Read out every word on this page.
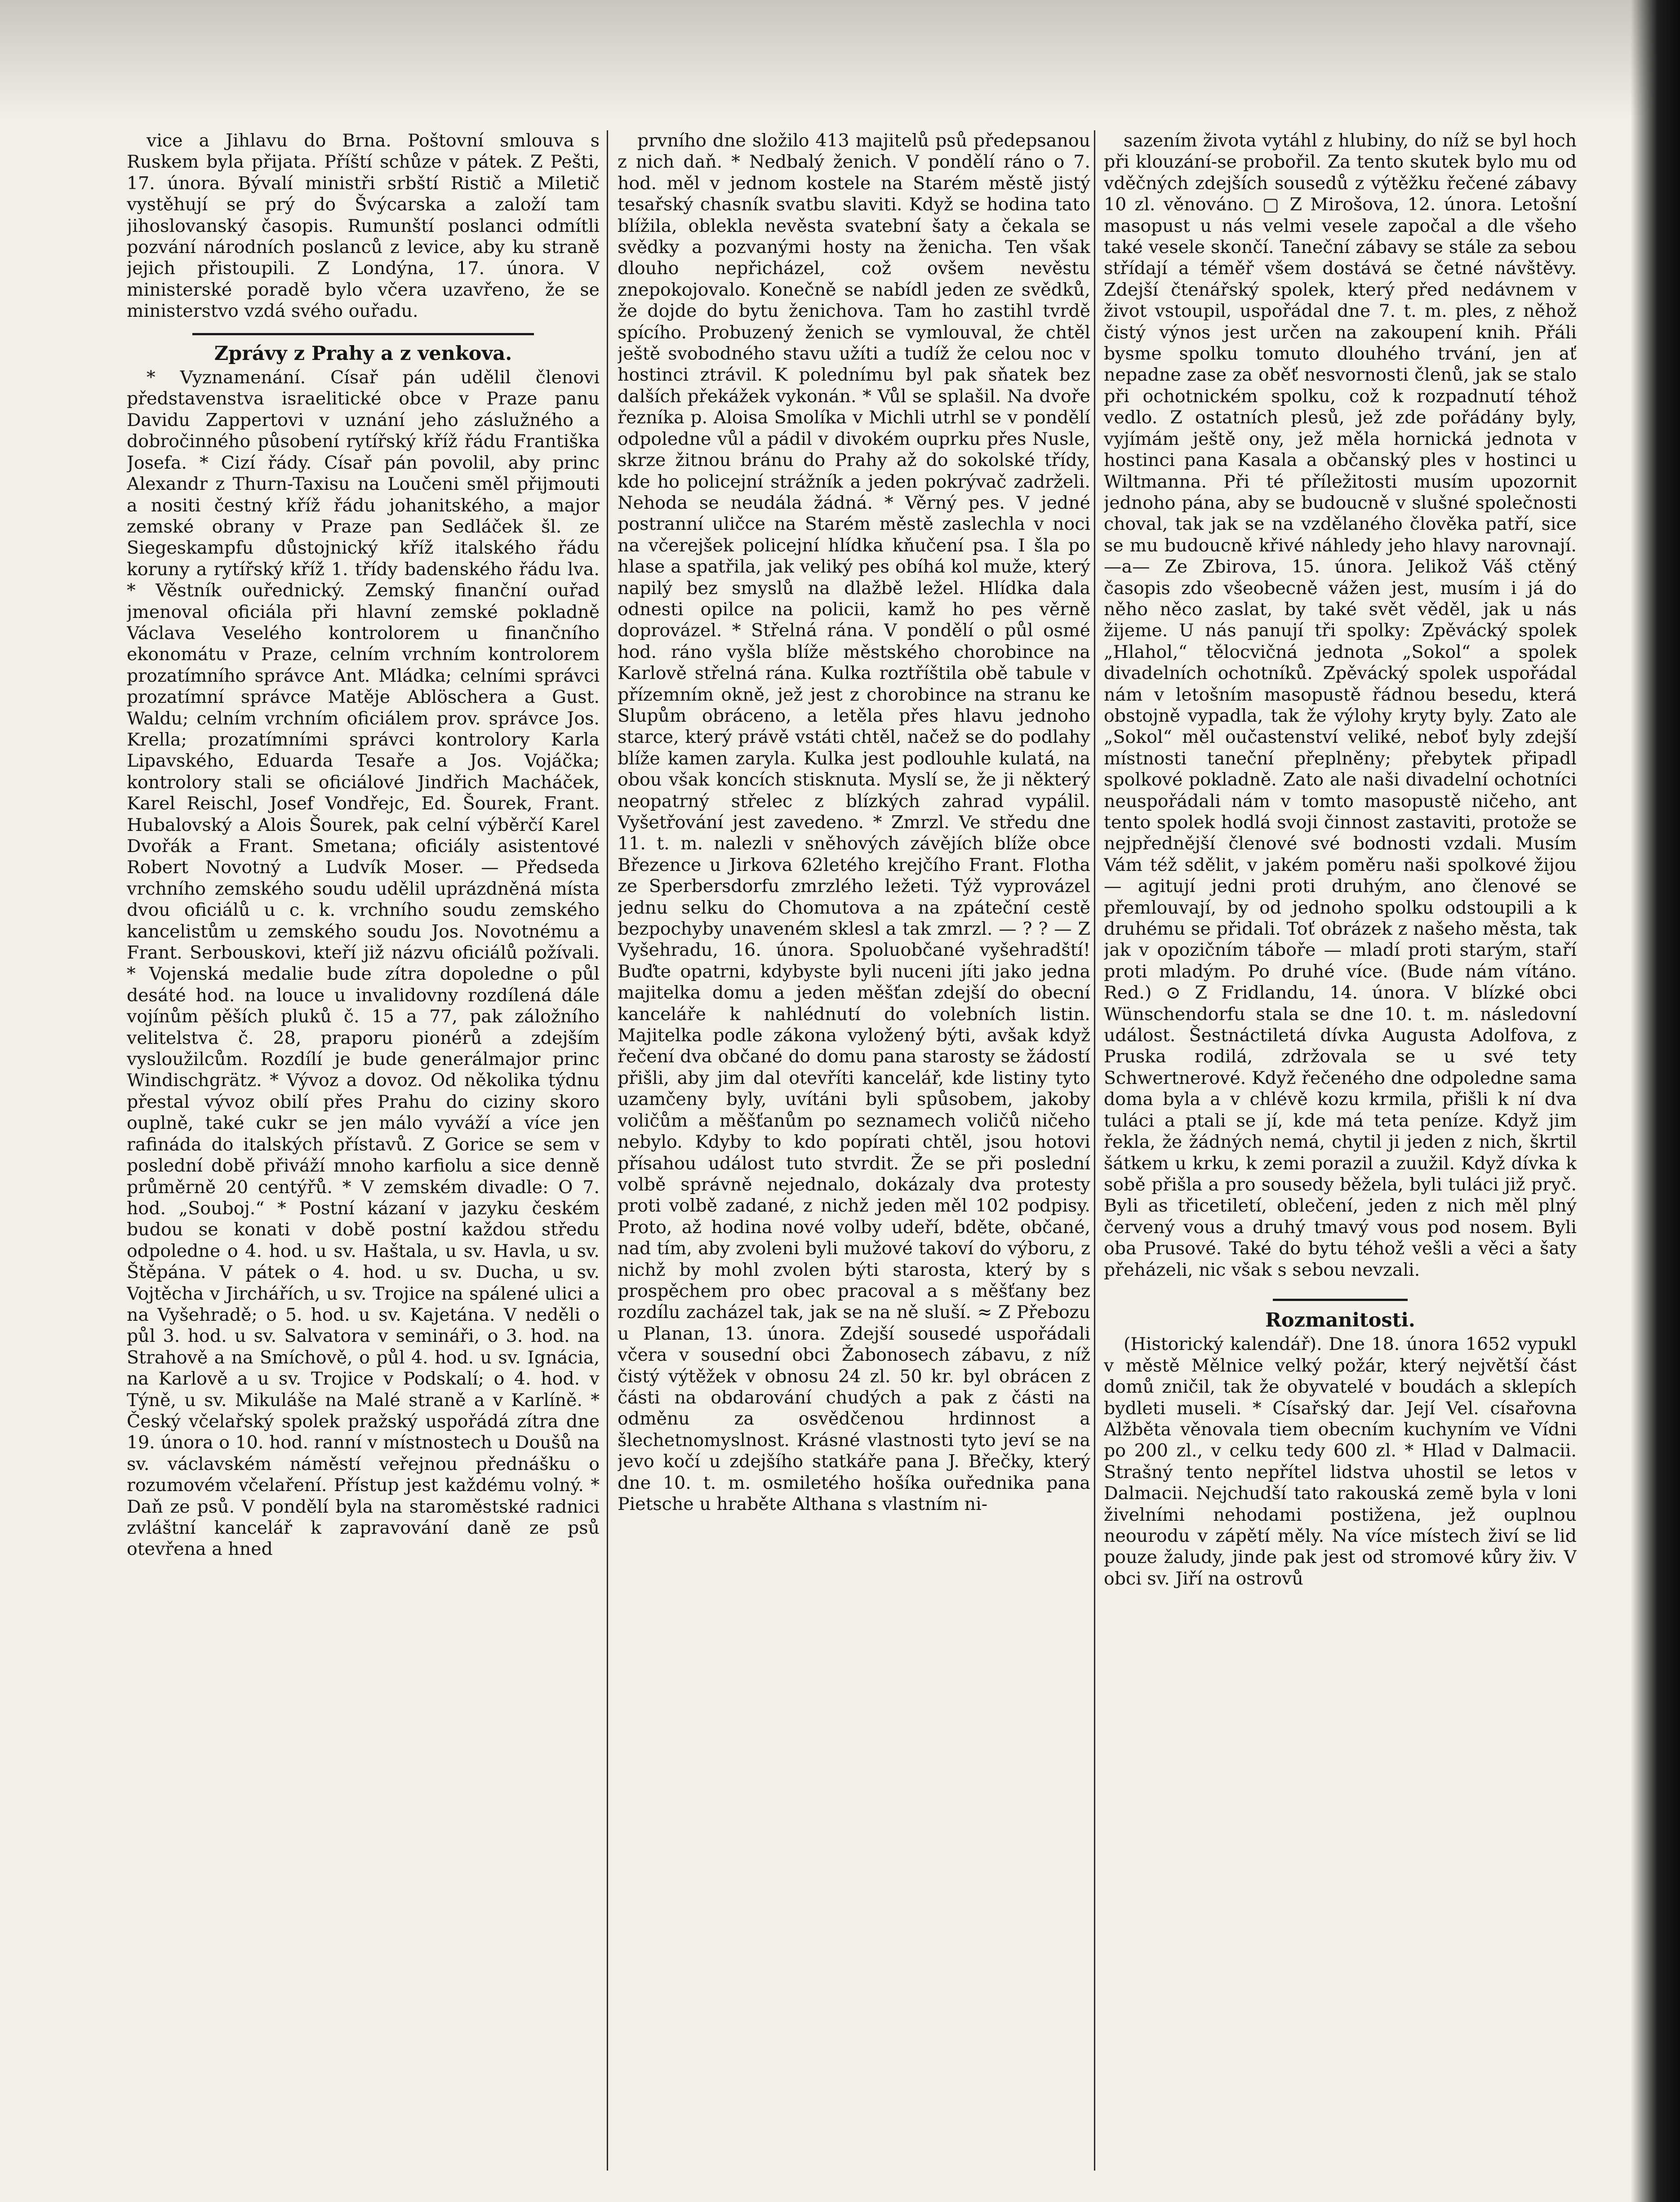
vice a Jihlavu do Brna. Poštovní smlouva s Ruskem byla přijata. Příští schůze v pátek. Z Pešti, 17. února. Bývalí ministři srbští Ristič a Miletič vystěhují se prý do Švýcarska a založí tam jihoslovanský časopis. Rumunští poslanci odmítli pozvání národních poslanců z levice, aby ku straně jejich přistoupili. Z Londýna, 17. února. V ministerské poradě bylo včera uzavřeno, že se ministerstvo vzdá svého ouřadu.

Zprávy z Prahy a z venkova.

* Vyznamenání. Císař pán udělil členovi představenstva israelitické obce v Praze panu Davidu Zappertovi v uznání jeho záslužného a dobročinného působení rytířský kříž řádu Františka Josefa. * Cizí řády. Císař pán povolil, aby princ Alexandr z Thurn-Taxisu na Loučeni směl přijmouti a nositi čestný kříž řádu johanitského, a major zemské obrany v Praze pan Sedláček šl. ze Siegeskampfu důstojnický kříž italského řádu koruny a rytířský kříž 1. třídy badenského řádu lva. * Věstník ouřednický. Zemský finanční ouřad jmenoval oficiála při hlavní zemské pokladně Václava Veselého kontrolorem u finančního ekonomátu v Praze, celním vrchním kontrolorem prozatímního správce Ant. Mládka; celními správci prozatímní správce Matěje Ablöschera a Gust. Waldu; celním vrchním oficiálem prov. správce Jos. Krella; prozatímními správci kontrolory Karla Lipavského, Eduarda Tesaře a Jos. Vojáčka; kontrolory stali se oficiálové Jindřich Macháček, Karel Reischl, Josef Vondřejc, Ed. Šourek, Frant. Hubalovský a Alois Šourek, pak celní výběrčí Karel Dvořák a Frant. Smetana; oficiály asistentové Robert Novotný a Ludvík Moser. — Předseda vrchního zemského soudu udělil uprázdněná místa dvou oficiálů u c. k. vrchního soudu zemského kancelistům u zemského soudu Jos. Novotnému a Frant. Serbouskovi, kteří již názvu oficiálů požívali. * Vojenská medalie bude zítra dopoledne o půl desáté hod. na louce u invalidovny rozdílená dále vojínům pěších pluků č. 15 a 77, pak záložního velitelstva č. 28, praporu pionérů a zdejším vysloužilcům. Rozdílí je bude generálmajor princ Windischgrätz. * Vývoz a dovoz. Od několika týdnu přestal vývoz obilí přes Prahu do ciziny skoro ouplně, také cukr se jen málo vyváží a více jen rafináda do italských přístavů. Z Gorice se sem v poslední době přiváží mnoho karfiolu a sice denně průměrně 20 centýřů. * V zemském divadle: O 7. hod. „Souboj.“ * Postní kázaní v jazyku českém budou se konati v době postní každou středu odpoledne o 4. hod. u sv. Haštala, u sv. Havla, u sv. Štěpána. V pátek o 4. hod. u sv. Ducha, u sv. Vojtěcha v Jirchářích, u sv. Trojice na spálené ulici a na Vyšehradě; o 5. hod. u sv. Kajetána. V neděli o půl 3. hod. u sv. Salvatora v semináři, o 3. hod. na Strahově a na Smíchově, o půl 4. hod. u sv. Ignácia, na Karlově a u sv. Trojice v Podskalí; o 4. hod. v Týně, u sv. Mikuláše na Malé straně a v Karlíně. * Český včelařský spolek pražský uspořádá zítra dne 19. února o 10. hod. ranní v místnostech u Doušů na sv. václavském náměstí veřejnou přednášku o rozumovém včelaření. Přístup jest každému volný. * Daň ze psů. V pondělí byla na staroměstské radnici zvláštní kancelář k zapravování daně ze psů otevřena a hned

prvního dne složilo 413 majitelů psů předepsanou z nich daň. * Nedbalý ženich. V pondělí ráno o 7. hod. měl v jednom kostele na Starém městě jistý tesařský chasník svatbu slaviti. Když se hodina tato blížila, oblekla nevěsta svatební šaty a čekala se svědky a pozvanými hosty na ženicha. Ten však dlouho nepřicházel, což ovšem nevěstu znepokojovalo. Konečně se nabídl jeden ze svědků, že dojde do bytu ženichova. Tam ho zastihl tvrdě spícího. Probuzený ženich se vymlouval, že chtěl ještě svobodného stavu užíti a tudíž že celou noc v hostinci ztrávil. K polednímu byl pak sňatek bez dalších překážek vykonán. * Vůl se splašil. Na dvoře řezníka p. Aloisa Smolíka v Michli utrhl se v pondělí odpoledne vůl a pádil v divokém ouprku přes Nusle, skrze žitnou bránu do Prahy až do sokolské třídy, kde ho policejní strážník a jeden pokrývač zadrželi. Nehoda se neudála žádná. * Věrný pes. V jedné postranní uličce na Starém městě zaslechla v noci na včerejšek policejní hlídka kňučení psa. I šla po hlase a spatřila, jak veliký pes obíhá kol muže, který napilý bez smyslů na dlažbě ležel. Hlídka dala odnesti opilce na policii, kamž ho pes věrně doprovázel. * Střelná rána. V pondělí o půl osmé hod. ráno vyšla blíže městského chorobince na Karlově střelná rána. Kulka roztříštila obě tabule v přízemním okně, jež jest z chorobince na stranu ke Slupům obráceno, a letěla přes hlavu jednoho starce, který právě vstáti chtěl, načež se do podlahy blíže kamen zaryla. Kulka jest podlouhle kulatá, na obou však koncích stisknuta. Myslí se, že ji některý neopatrný střelec z blízkých zahrad vypálil. Vyšetřování jest zavedeno. * Zmrzl. Ve středu dne 11. t. m. nalezli v sněhových závějích blíže obce Březence u Jirkova 62letého krejčího Frant. Flotha ze Sperbersdorfu zmrzlého ležeti. Týž vyprovázel jednu selku do Chomutova a na zpáteční cestě bezpochyby unaveném sklesl a tak zmrzl. — ? ? — Z Vyšehradu, 16. února. Spoluobčané vyšehradští! Buďte opatrni, kdybyste byli nuceni jíti jako jedna majitelka domu a jeden měšťan zdejší do obecní kanceláře k nahlédnutí do volebních listin. Majitelka podle zákona vyložený býti, avšak když řečení dva občané do domu pana starosty se žádostí přišli, aby jim dal otevříti kancelář, kde listiny tyto uzamčeny byly, uvítáni byli spůsobem, jakoby voličům a měšťanům po seznamech voličů ničeho nebylo. Kdyby to kdo popírati chtěl, jsou hotovi přísahou událost tuto stvrdit. Že se při poslední volbě správně nejednalo, dokázaly dva protesty proti volbě zadané, z nichž jeden měl 102 podpisy. Proto, až hodina nové volby udeří, bděte, občané, nad tím, aby zvoleni byli mužové takoví do výboru, z nichž by mohl zvolen býti starosta, který by s prospěchem pro obec pracoval a s měšťany bez rozdílu zacházel tak, jak se na ně sluší. ≈ Z Přebozu u Planan, 13. února. Zdejší sousedé uspořádali včera v sousední obci Žabonosech zábavu, z níž čistý výtěžek v obnosu 24 zl. 50 kr. byl obrácen z části na obdarování chudých a pak z části na odměnu za osvědčenou hrdinnost a šlechetnomyslnost. Krásné vlastnosti tyto jeví se na jevo kočí u zdejšího statkáře pana J. Břečky, který dne 10. t. m. osmiletého hošíka ouřednika pana Pietsche u hraběte Althana s vlastním ni-

sazením života vytáhl z hlubiny, do níž se byl hoch při klouzání-se probořil. Za tento skutek bylo mu od vděčných zdejších sousedů z výtěžku řečené zábavy 10 zl. věnováno. ▢ Z Mirošova, 12. února. Letošní masopust u nás velmi vesele započal a dle všeho také vesele skončí. Taneční zábavy se stále za sebou střídají a téměř všem dostává se četné návštěvy. Zdejší čtenářský spolek, který před nedávnem v život vstoupil, uspořádal dne 7. t. m. ples, z něhož čistý výnos jest určen na zakoupení knih. Přáli bysme spolku tomuto dlouhého trvání, jen ať nepadne zase za oběť nesvornosti členů, jak se stalo při ochotnickém spolku, což k rozpadnutí téhož vedlo. Z ostatních plesů, jež zde pořádány byly, vyjímám ještě ony, jež měla hornická jednota v hostinci pana Kasala a občanský ples v hostinci u Wiltmanna. Při té příležitosti musím upozornit jednoho pána, aby se budoucně v slušné společnosti choval, tak jak se na vzdělaného člověka patří, sice se mu budoucně křivé náhledy jeho hlavy narovnají. —a— Ze Zbirova, 15. února. Jelikož Váš ctěný časopis zdo všeobecně vážen jest, musím i já do něho něco zaslat, by také svět věděl, jak u nás žijeme. U nás panují tři spolky: Zpěvácký spolek „Hlahol,“ tělocvičná jednota „Sokol“ a spolek divadelních ochotníků. Zpěvácký spolek uspořádal nám v letošním masopustě řádnou besedu, která obstojně vypadla, tak že výlohy kryty byly. Zato ale „Sokol“ měl oučastenství veliké, neboť byly zdejší místnosti taneční přeplněny; přebytek připadl spolkové pokladně. Zato ale naši divadelní ochotníci neuspořádali nám v tomto masopustě ničeho, ant tento spolek hodlá svoji činnost zastaviti, protože se nejpřednější členové své bodnosti vzdali. Musím Vám též sdělit, v jakém poměru naši spolkové žijou — agitují jedni proti druhým, ano členové se přemlouvají, by od jednoho spolku odstoupili a k druhému se přidali. Toť obrázek z našeho města, tak jak v opozičním táboře — mladí proti starým, staří proti mladým. Po druhé více. (Bude nám vítáno. Red.) ⊙ Z Fridlandu, 14. února. V blízké obci Wünschendorfu stala se dne 10. t. m. následovní událost. Šestnáctiletá dívka Augusta Adolfova, z Pruska rodilá, zdržovala se u své tety Schwertnerové. Když řečeného dne odpoledne sama doma byla a v chlévě kozu krmila, přišli k ní dva tuláci a ptali se jí, kde má teta peníze. Když jim řekla, že žádných nemá, chytil ji jeden z nich, škrtil šátkem u krku, k zemi porazil a zuužil. Když dívka k sobě přišla a pro sousedy běžela, byli tuláci již pryč. Byli as třicetiletí, oblečení, jeden z nich měl plný červený vous a druhý tmavý vous pod nosem. Byli oba Prusové. Také do bytu téhož vešli a věci a šaty přeházeli, nic však s sebou nevzali.

Rozmanitosti.

(Historický kalendář). Dne 18. února 1652 vypukl v městě Mělnice velký požár, který největší část domů zničil, tak že obyvatelé v boudách a sklepích bydleti museli. * Císařský dar. Její Vel. císařovna Alžběta věnovala tiem obecním kuchyním ve Vídni po 200 zl., v celku tedy 600 zl. * Hlad v Dalmacii. Strašný tento nepřítel lidstva uhostil se letos v Dalmacii. Nejchudší tato rakouská země byla v loni živelními nehodami postižena, jež ouplnou neourodu v zápětí měly. Na více místech živí se lid pouze žaludy, jinde pak jest od stromové kůry živ. V obci sv. Jiří na ostrovů
